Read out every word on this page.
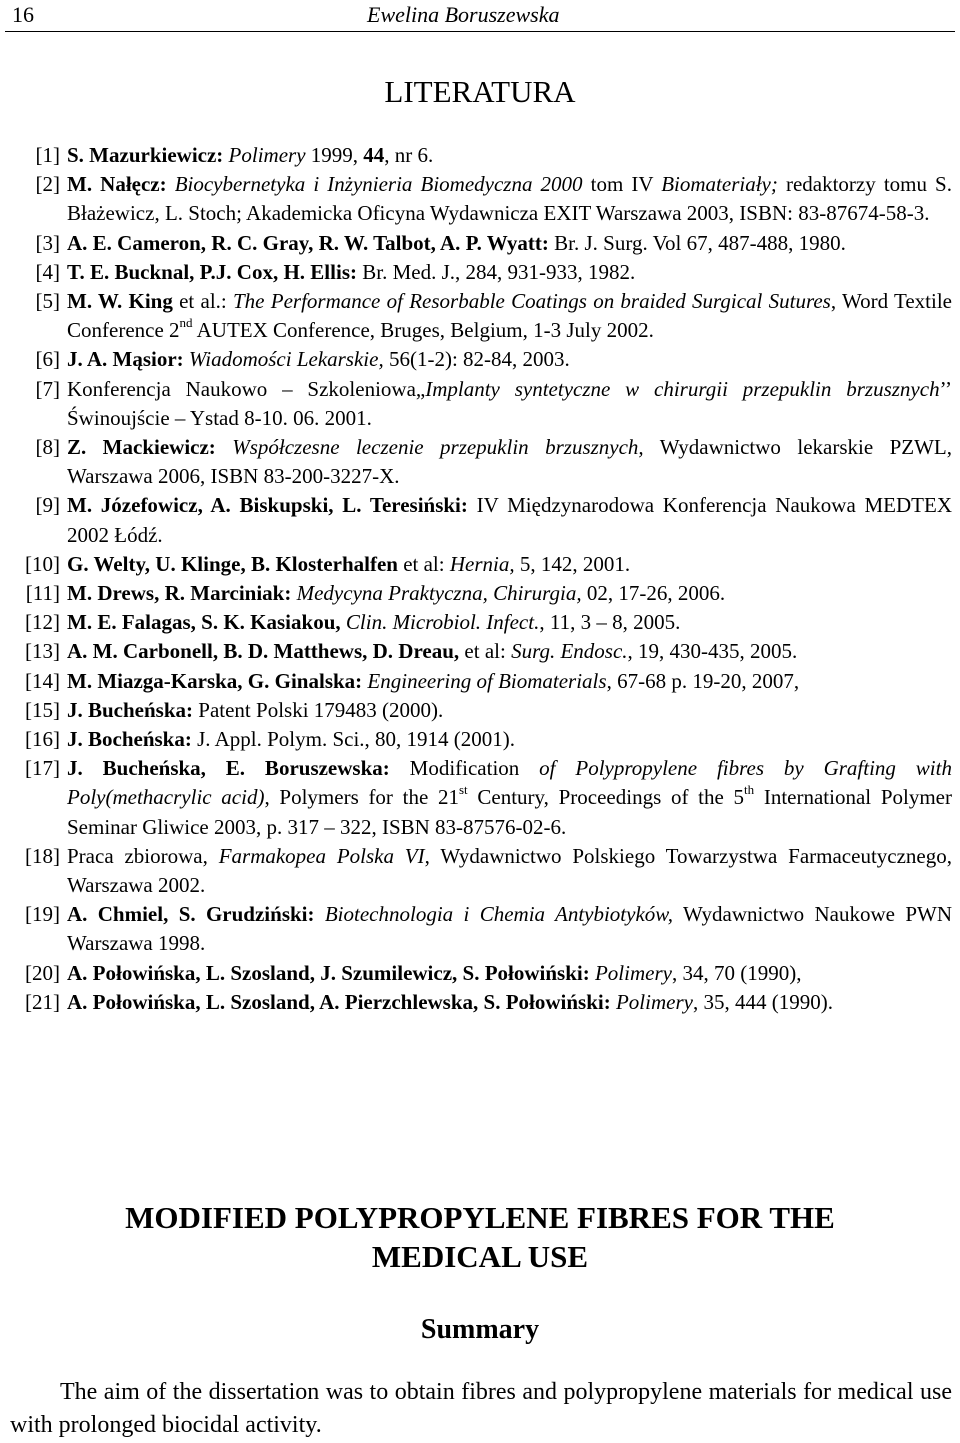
16	Ewelina Boruszewska
LITERATURA
[1] S. Mazurkiewicz: Polimery 1999, 44, nr 6.
[2] M. Nałęcz: Biocybernetyka i Inżynieria Biomedyczna 2000 tom IV Biomateriały; redaktorzy tomu S. Błażewicz, L. Stoch; Akademicka Oficyna Wydawnicza EXIT Warszawa 2003, ISBN: 83-87674-58-3.
[3] A. E. Cameron, R. C. Gray, R. W. Talbot, A. P. Wyatt: Br. J. Surg. Vol 67, 487-488, 1980.
[4] T. E. Bucknal, P.J. Cox, H. Ellis: Br. Med. J., 284, 931-933, 1982.
[5] M. W. King et al.: The Performance of Resorbable Coatings on braided Surgical Sutures, Word Textile Conference 2nd AUTEX Conference, Bruges, Belgium, 1-3 July 2002.
[6] J. A. Mąsior: Wiadomości Lekarskie, 56(1-2): 82-84, 2003.
[7] Konferencja Naukowo – Szkoleniowa„Implanty syntetyczne w chirurgii przepuklin brzusznych’’ Świnoujście – Ystad 8-10. 06. 2001.
[8] Z. Mackiewicz: Współczesne leczenie przepuklin brzusznych, Wydawnictwo lekarskie PZWL, Warszawa 2006, ISBN 83-200-3227-X.
[9] M. Józefowicz, A. Biskupski, L. Teresiński: IV Międzynarodowa Konferencja Naukowa MEDTEX 2002 Łódź.
[10] G. Welty, U. Klinge, B. Klosterhalfen et al: Hernia, 5, 142, 2001.
[11] M. Drews, R. Marciniak: Medycyna Praktyczna, Chirurgia, 02, 17-26, 2006.
[12] M. E. Falagas, S. K. Kasiakou, Clin. Microbiol. Infect., 11, 3 – 8, 2005.
[13] A. M. Carbonell, B. D. Matthews, D. Dreau, et al: Surg. Endosc., 19, 430-435, 2005.
[14] M. Miazga-Karska, G. Ginalska: Engineering of Biomaterials, 67-68 p. 19-20, 2007,
[15] J. Bucheńska: Patent Polski 179483 (2000).
[16] J. Bocheńska: J. Appl. Polym. Sci., 80, 1914 (2001).
[17] J. Bucheńska, E. Boruszewska: Modification of Polypropylene fibres by Grafting with Poly(methacrylic acid), Polymers for the 21st Century, Proceedings of the 5th International Polymer Seminar Gliwice 2003, p. 317 – 322, ISBN 83-87576-02-6.
[18] Praca zbiorowa, Farmakopea Polska VI, Wydawnictwo Polskiego Towarzystwa Farmaceutycznego, Warszawa 2002.
[19] A. Chmiel, S. Grudziński: Biotechnologia i Chemia Antybiotyków, Wydawnictwo Naukowe PWN Warszawa 1998.
[20] A. Połowińska, L. Szosland, J. Szumilewicz, S. Połowiński: Polimery, 34, 70 (1990),
[21] A. Połowińska, L. Szosland, A. Pierzchlewska, S. Połowiński: Polimery, 35, 444 (1990).
MODIFIED POLYPROPYLENE FIBRES FOR THE
MEDICAL USE
Summary
The aim of the dissertation was to obtain fibres and polypropylene materials for medical use with prolonged biocidal activity.
